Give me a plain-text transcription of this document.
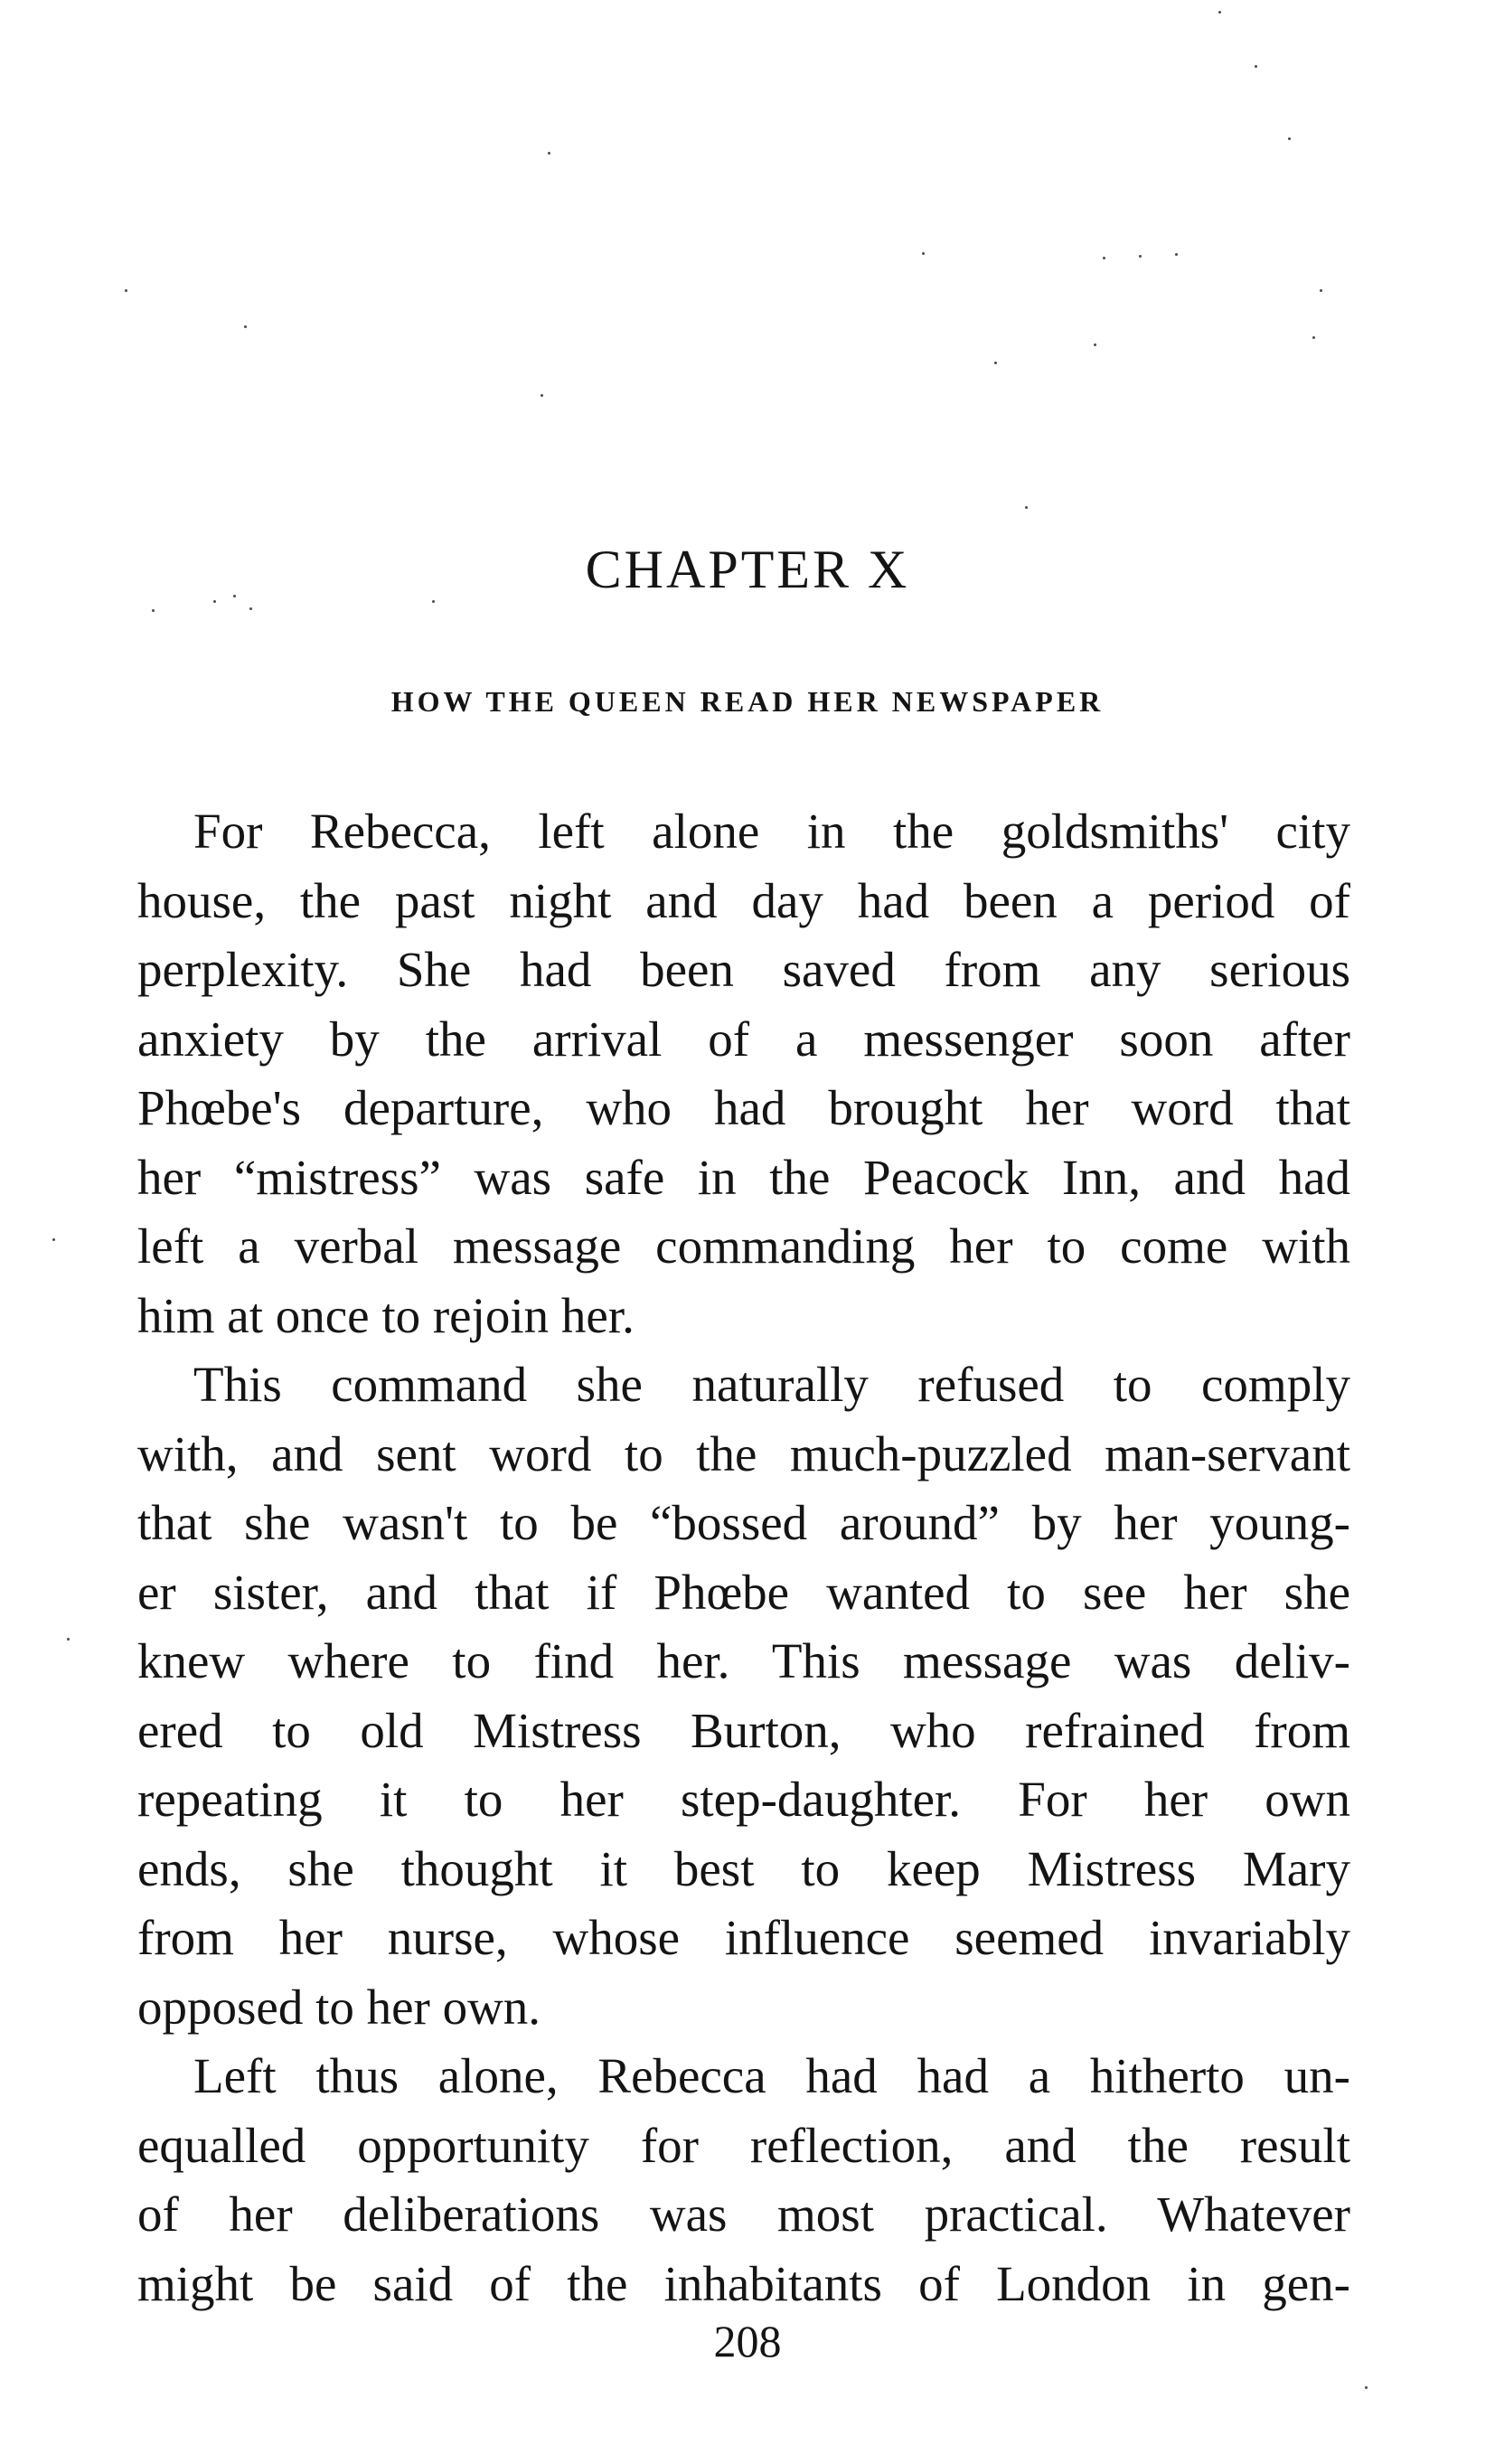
CHAPTER X
HOW THE QUEEN READ HER NEWSPAPER
For Rebecca, left alone in the goldsmiths' city
house, the past night and day had been a period of
perplexity. She had been saved from any serious
anxiety by the arrival of a messenger soon after
Phœbe's departure, who had brought her word that
her “mistress” was safe in the Peacock Inn, and had
left a verbal message commanding her to come with
him at once to rejoin her.
This command she naturally refused to comply
with, and sent word to the much-puzzled man-servant
that she wasn't to be “bossed around” by her young-
er sister, and that if Phœbe wanted to see her she
knew where to find her. This message was deliv-
ered to old Mistress Burton, who refrained from
repeating it to her step-daughter. For her own
ends, she thought it best to keep Mistress Mary
from her nurse, whose influence seemed invariably
opposed to her own.
Left thus alone, Rebecca had had a hitherto un-
equalled opportunity for reflection, and the result
of her deliberations was most practical. Whatever
might be said of the inhabitants of London in gen-
208
